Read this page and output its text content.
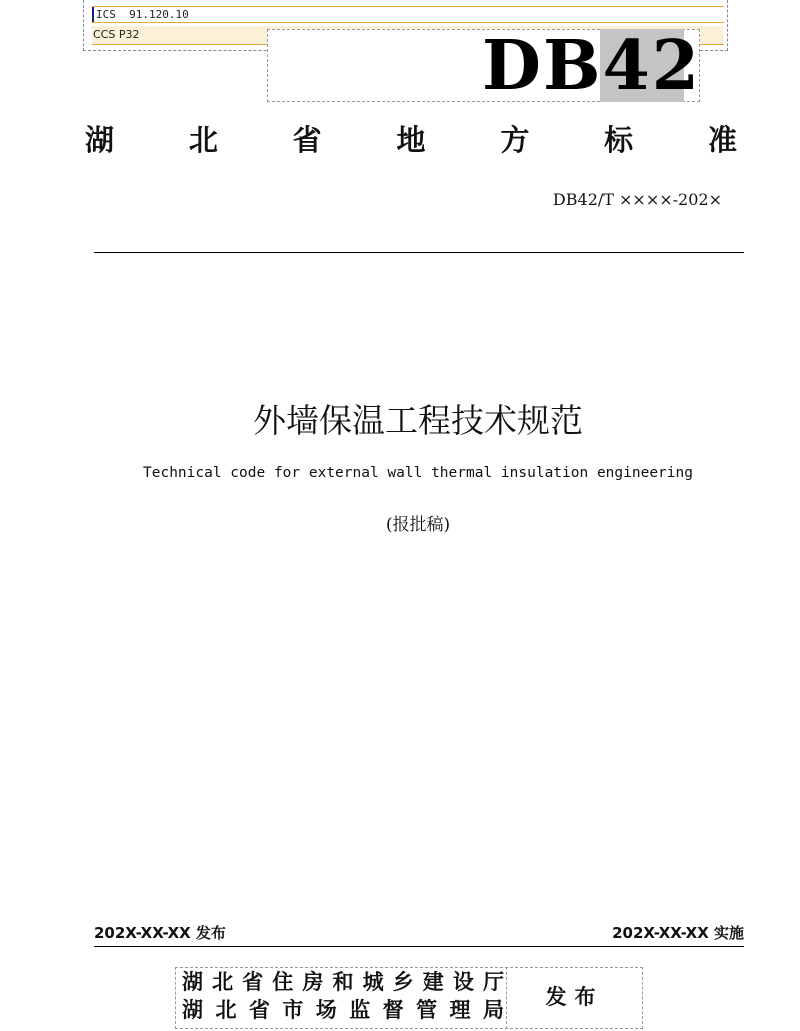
ICS  91.120.10
CCS P32	DB42
湖	北	省	地	方	标	准
DB42/T ××××-202×
外墙保温工程技术规范
Technical code for external wall thermal insulation engineering
(报批稿)
202X-XX-XX 发布	202X-XX-XX 实施
湖 北 省 住 房 和 城 乡 建 设 厅
湖 北 省 市 场 监 督 管 理 局
发布
